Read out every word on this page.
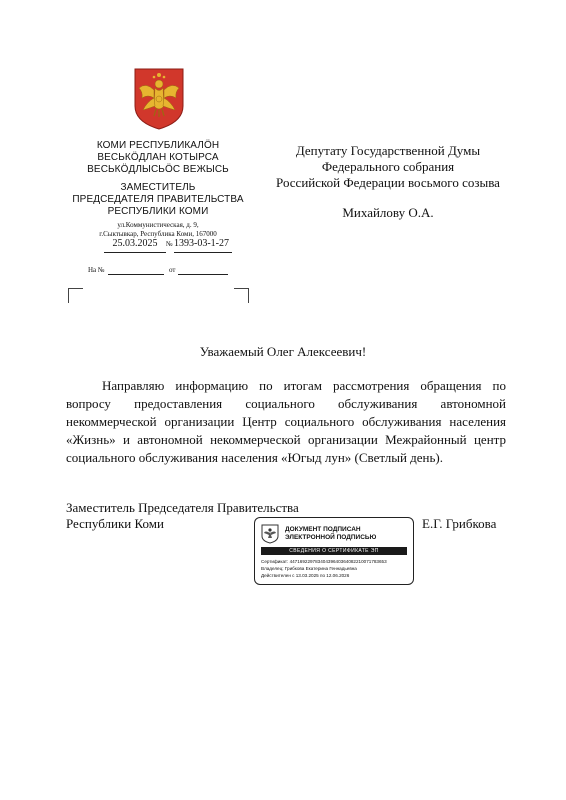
КОМИ РЕСПУБЛИКАЛӦН
ВЕСЬКӦДЛАН КОТЫРСА
ВЕСЬКӦДЛЫСЬӦС ВЕЖЫСЬ
ЗАМЕСТИТЕЛЬ
ПРЕДСЕДАТЕЛЯ ПРАВИТЕЛЬСТВА
РЕСПУБЛИКИ КОМИ
ул.Коммунистическая, д. 9,
г.Сыктывкар, Республика Коми, 167000
25.03.2025	№ 1393-03-1-27
На №	от
Депутату Государственной Думы
Федерального собрания
Российской Федерации восьмого созыва
Михайлову О.А.
Уважаемый Олег Алексеевич!
Направляю информацию по итогам рассмотрения обращения по вопросу предоставления социального обслуживания автономной некоммерческой организации Центр социального обслуживания населения «Жизнь» и автономной некоммерческой организации Межрайонный центр социального обслуживания населения «Югыд лун» (Светлый день).
Заместитель Председателя Правительства
Республики Коми	Е.Г. Грибкова
ДОКУМЕНТ ПОДПИСАН
ЭЛЕКТРОННОЙ ПОДПИСЬЮ
СВЕДЕНИЯ О СЕРТИФИКАТЕ ЭП
Сертификат: 44716922978340439640364082210071783653
Владелец: Грибкова Екатерина Геннадьевна
Действителен с 13.03.2025 по 12.06.2026
